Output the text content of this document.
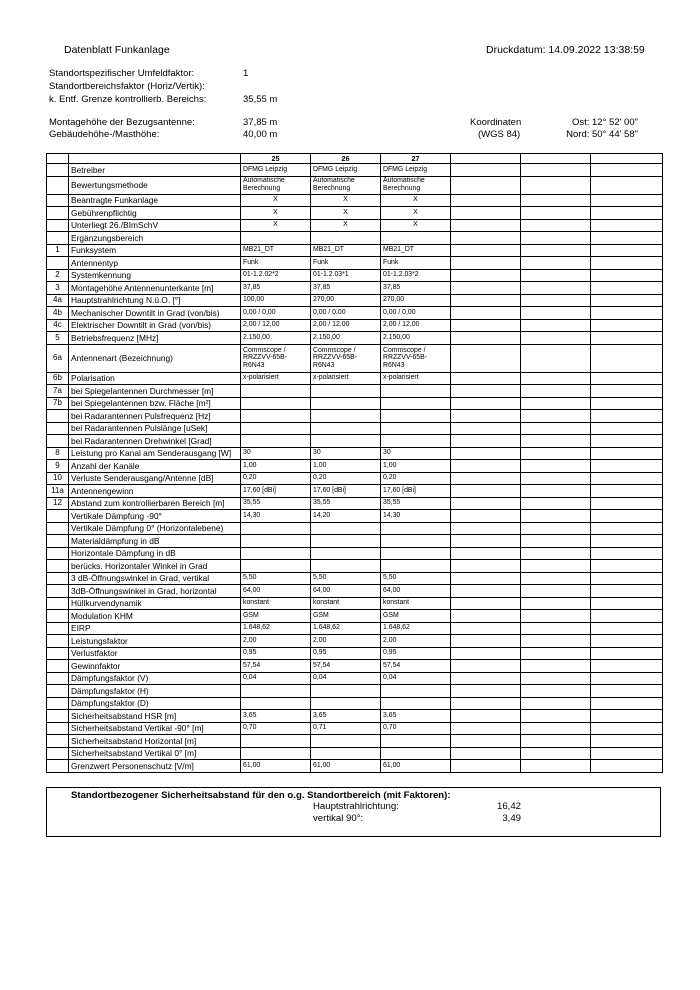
Datenblatt Funkanlage	Druckdatum: 14.09.2022 13:38:59
Standortspezifischer Umfeldfaktor:	1
Standortbereichsfaktor (Horiz/Vertik):
k. Entf. Grenze kontrollierb. Bereichs:	35,55 m
Montagehöhe der Bezugsantenne:	37,85 m
Gebäudehöhe-/Masthöhe:	40,00 m
Koordinaten
(WGS 84)
Ost: 12° 52' 00"
Nord: 50° 44' 58"
		25	26	27			
	Betreiber	DFMG Leipzig	DFMG Leipzig	DFMG Leipzig			
	Bewertungsmethode	Automatische Berechnung	Automatische Berechnung	Automatische Berechnung			
	Beantragte Funkanlage	X	X	X			
	Gebührenpflichtig	X	X	X			
	Unterliegt 26./BImSchV	X	X	X			
	Ergänzungsbereich						
1	Funksystem	MB21_DT	MB21_DT	MB21_DT			
	Antennentyp	Funk	Funk	Funk			
2	Systemkennung	01-1.2.02*2	01-1.2.03*1	01-1.2.03*2			
3	Montagehöhe Antennenunterkante [m]	37,85	37,85	37,85			
4a	Hauptstrahlrichtung N.ü.O. [°]	100,00	270,00	270,00			
4b	Mechanischer Downtilt in Grad (von/bis)	0,00 / 0,00	0,00 / 0,00	0,00 / 0,00			
4c	Elektrischer Downtilt in Grad (von/bis)	2,00 / 12,00	2,00 / 12,00	2,00 / 12,00			
5	Betriebsfrequenz [MHz]	2.150,00	2.150,00	2.150,00			
6a	Antennenart (Bezeichnung)	Commscope / RRZZVV-65B-R6N43	Commscope / RRZZVV-65B-R6N43	Commscope / RRZZVV-65B-R6N43			
6b	Polarisation	x-polarisiert	x-polarisiert	x-polarisiert			
7a	bei Spiegelantennen Durchmesser [m]						
7b	bei Spiegelantennen bzw. Fläche [m²]						
	bei Radarantennen Pulsfrequenz [Hz]						
	bei Radarantennen Pulslänge [uSek]						
	bei Radarantennen Drehwinkel [Grad]						
8	Leistung pro Kanal am Senderausgang [W]	30	30	30			
9	Anzahl der Kanäle	1,00	1,00	1,00			
10	Verluste Senderausgang/Antenne [dB]	0,20	0,20	0,20			
11a	Antennengewinn	17,60 [dBi]	17,60 [dBi]	17,60 [dBi]			
12	Abstand zum kontrollierbaren Bereich [m]	35,55	35,55	35,55			
	Vertikale Dämpfung -90°	14,30	14,20	14,30			
	Vertikale Dämpfung 0° (Horizontalebene)						
	Materialdämpfung in dB						
	Horizontale Dämpfung in dB						
	berücks. Horizontaler Winkel in Grad						
	3 dB-Öffnungswinkel in Grad, vertikal	5,50	5,50	5,50			
	3dB-Öffnungswinkel in Grad, horizontal	64,00	64,00	64,00			
	Hüllkurvendynamik	konstant	konstant	konstant			
	Modulation KHM	GSM	GSM	GSM			
	EIRP	1.648,62	1.648,62	1.648,62			
	Leistungsfaktor	2,00	2,00	2,00			
	Verlustfaktor	0,95	0,95	0,95			
	Gewinnfaktor	57,54	57,54	57,54			
	Dämpfungsfaktor (V)	0,04	0,04	0,04			
	Dämpfungsfaktor (H)						
	Dämpfungsfaktor (D)						
	Sicherheitsabstand HSR [m]	3,65	3,65	3,65			
	Sicherheitsabstand Vertikal -90° [m]	0,70	0,71	0,70			
	Sicherheitsabstand Horizontal [m]						
	Sicherheitsabstand Vertikal 0° [m]						
	Grenzwert Personenschutz [V/m]	61,00	61,00	61,00			
Standortbezogener Sicherheitsabstand für den o.g. Standortbereich (mit Faktoren):
Hauptstrahlrichtung:	16,42
vertikal 90°:	3,49
